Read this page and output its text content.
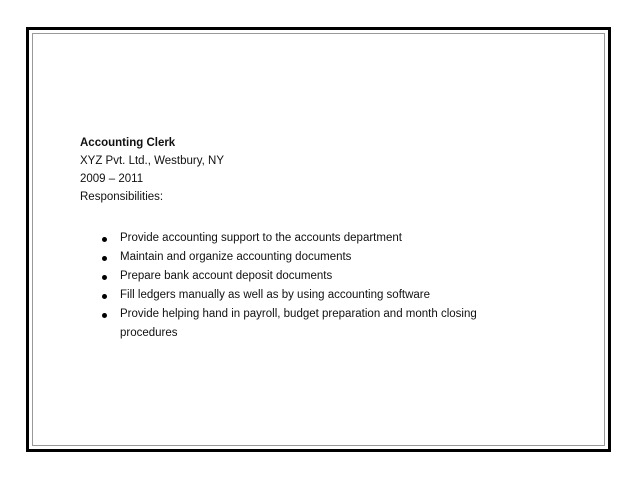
Accounting Clerk
XYZ Pvt. Ltd., Westbury, NY
2009 – 2011
Responsibilities:
Provide accounting support to the accounts department
Maintain and organize accounting documents
Prepare bank account deposit documents
Fill ledgers manually as well as by using accounting software
Provide helping hand in payroll, budget preparation and month closing procedures
